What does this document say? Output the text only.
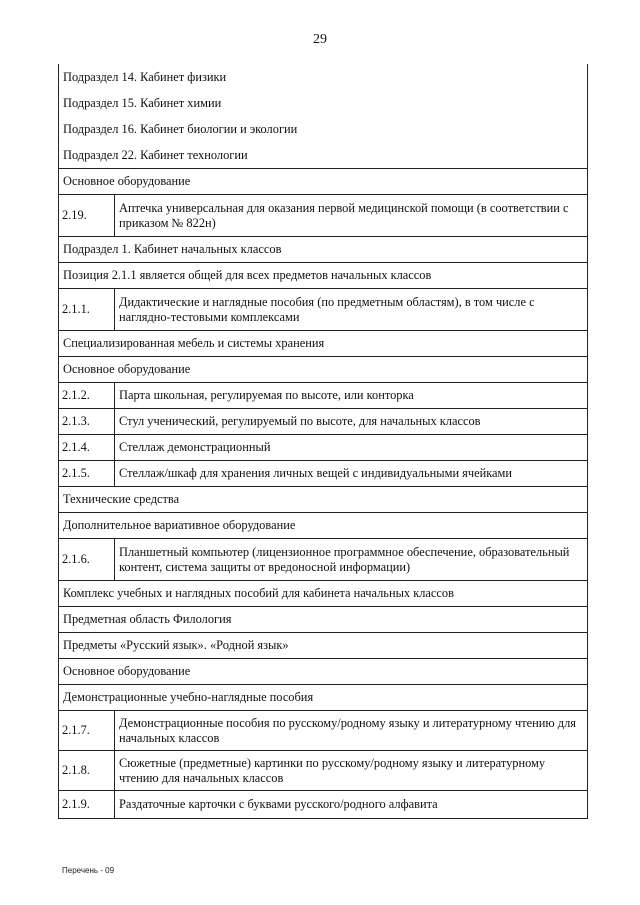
29
Подраздел 14. Кабинет физики	
Подраздел 15. Кабинет химии	
Подраздел 16. Кабинет биологии и экологии	
Подраздел 22. Кабинет технологии	
Основное оборудование	
2.19.	Аптечка универсальная для оказания первой медицинской помощи (в соответствии с приказом № 822н)
Подраздел 1. Кабинет начальных классов	
Позиция 2.1.1 является общей для всех предметов начальных классов	
2.1.1.	Дидактические и наглядные пособия (по предметным областям), в том числе с наглядно-тестовыми комплексами
Специализированная мебель и системы хранения	
Основное оборудование	
2.1.2.	Парта школьная, регулируемая по высоте, или конторка
2.1.3.	Стул ученический, регулируемый по высоте, для начальных классов
2.1.4.	Стеллаж демонстрационный
2.1.5.	Стеллаж/шкаф для хранения личных вещей с индивидуальными ячейками
Технические средства	
Дополнительное вариативное оборудование	
2.1.6.	Планшетный компьютер (лицензионное программное обеспечение, образовательный контент, система защиты от вредоносной информации)
Комплекс учебных и наглядных пособий для кабинета начальных классов	
Предметная область Филология	
Предметы «Русский язык». «Родной язык»	
Основное оборудование	
Демонстрационные учебно-наглядные пособия	
2.1.7.	Демонстрационные пособия по русскому/родному языку и литературному чтению для начальных классов
2.1.8.	Сюжетные (предметные) картинки по русскому/родному языку и литературному чтению для начальных классов
2.1.9.	Раздаточные карточки с буквами русского/родного алфавита
Перечень - 09
